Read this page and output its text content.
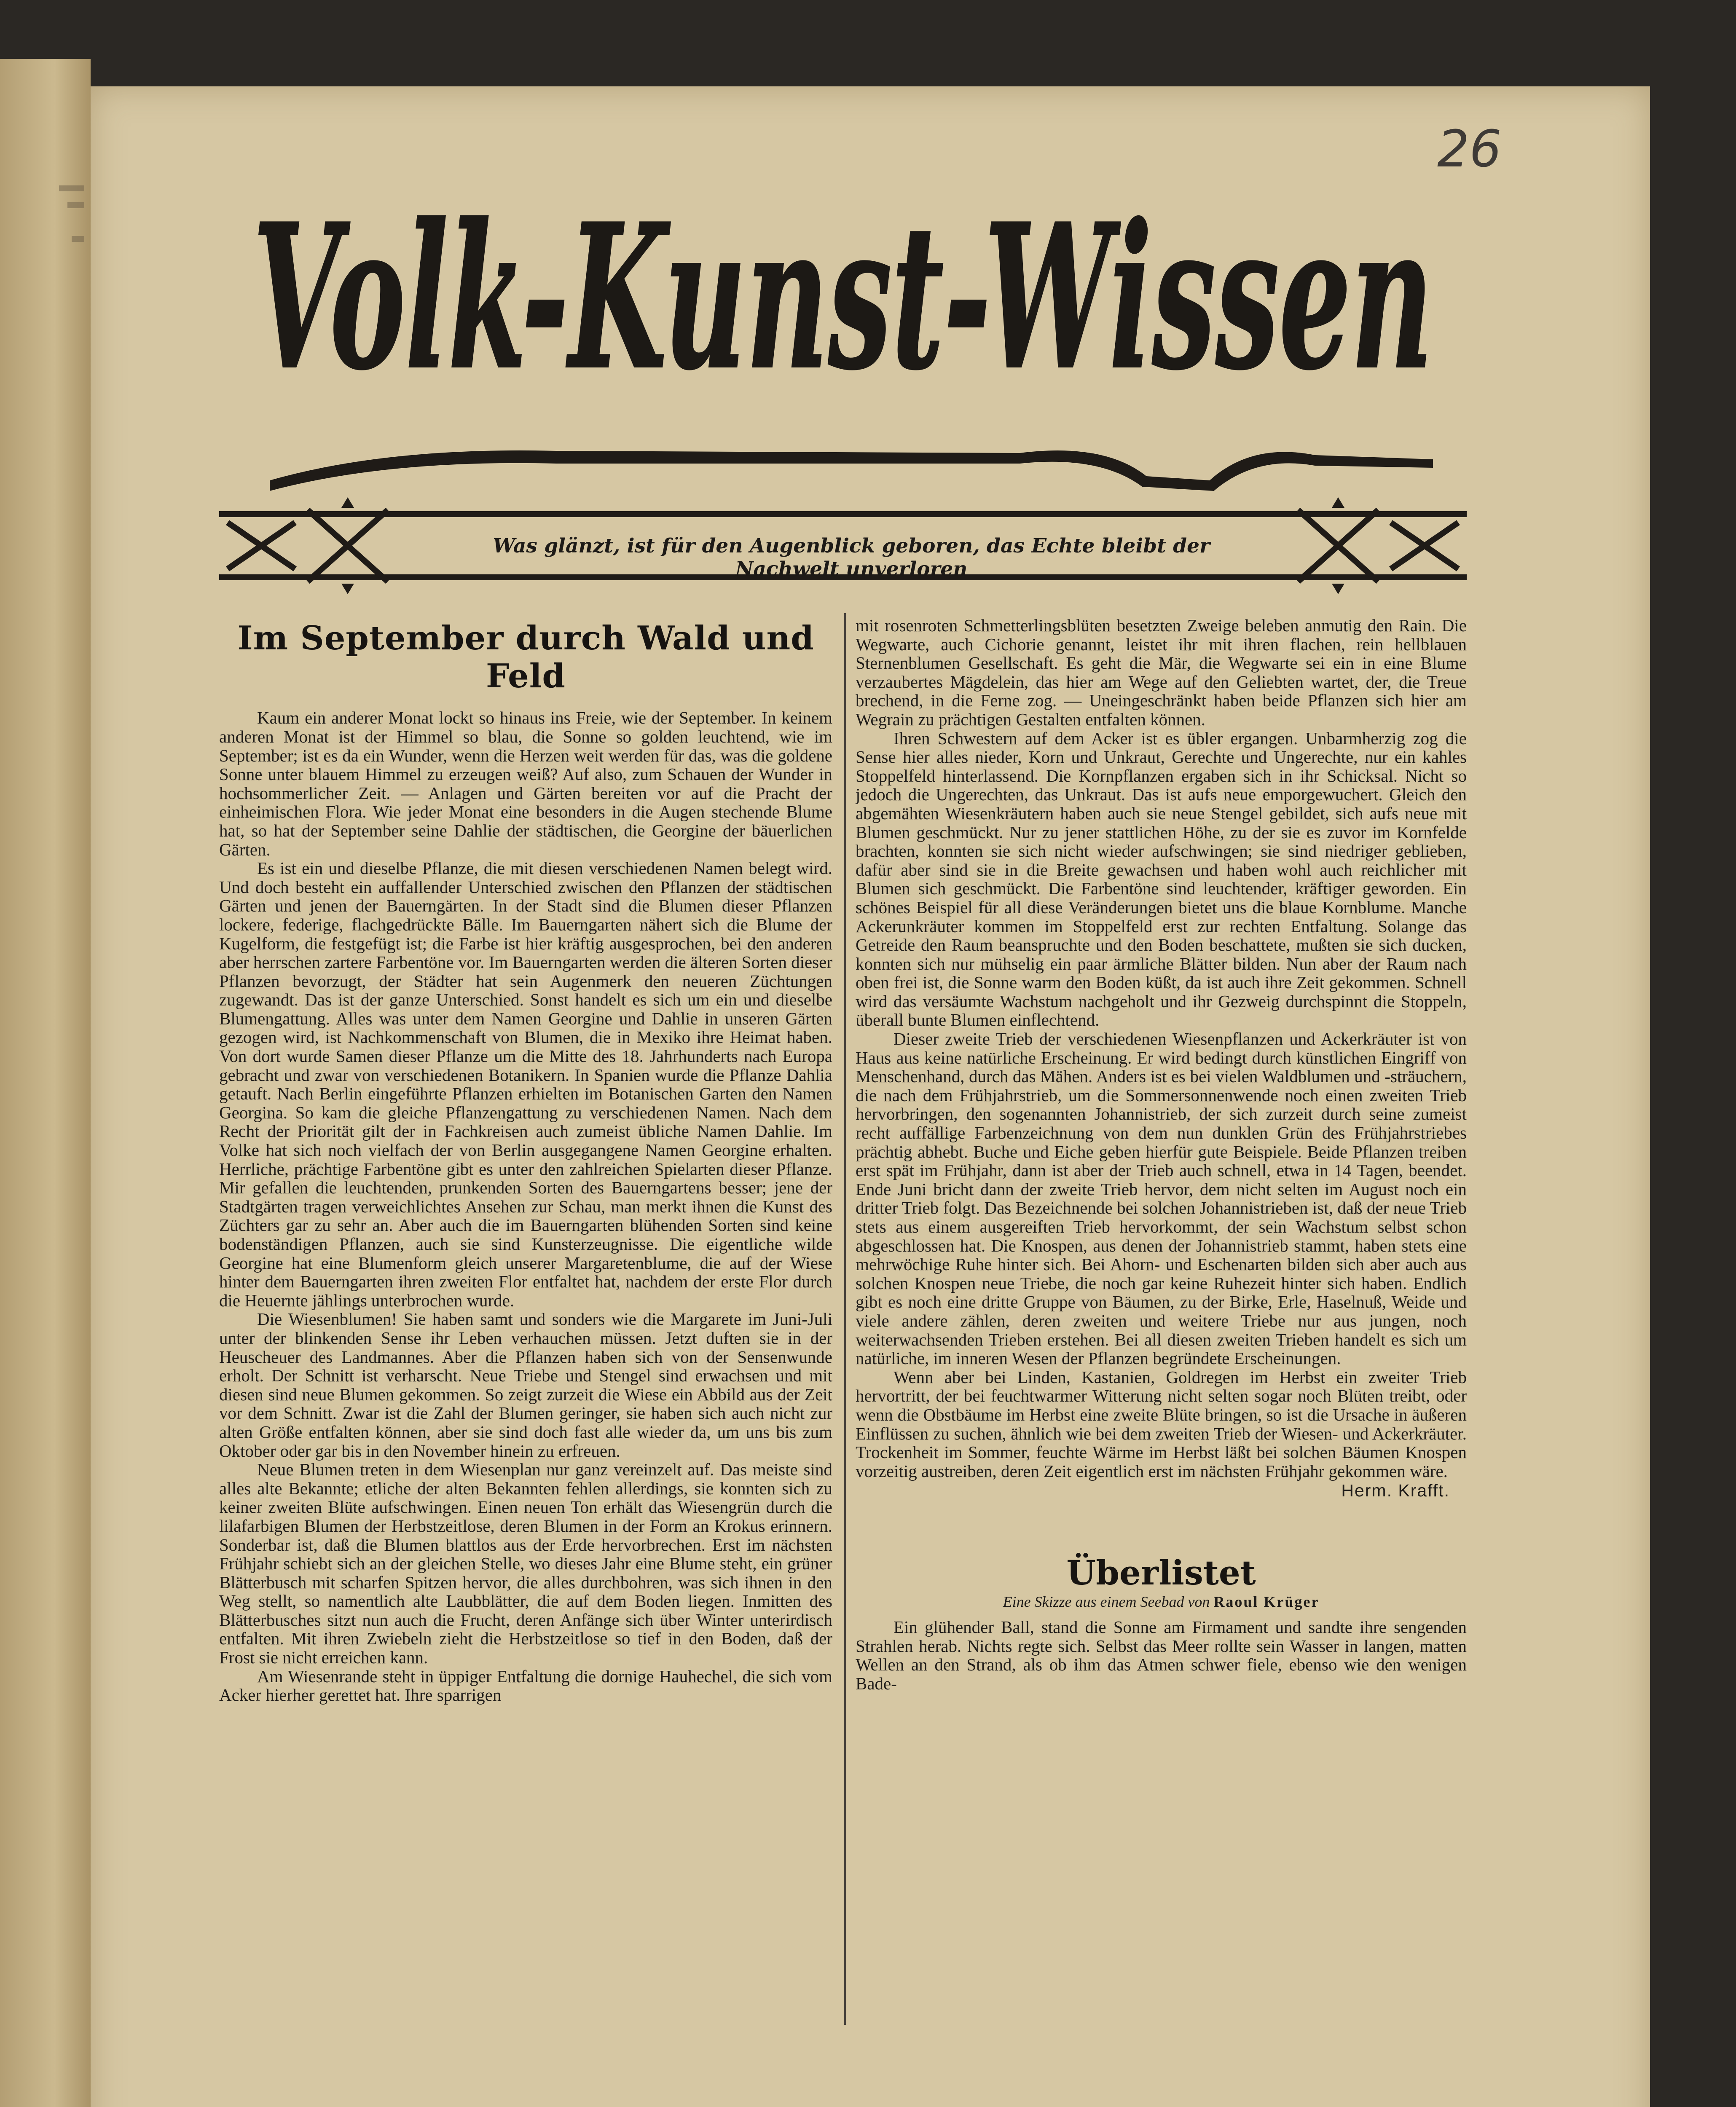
26
Volk-Kunst-Wissen
Was glänzt, ist für den Augenblick geboren, das Echte bleibt der Nachwelt unverloren
Im September durch Wald und Feld

Kaum ein anderer Monat lockt so hinaus ins Freie, wie der September. In keinem anderen Monat ist der Himmel so blau, die Sonne so golden leuchtend, wie im September; ist es da ein Wunder, wenn die Herzen weit werden für das, was die goldene Sonne unter blauem Himmel zu erzeugen weiß? Auf also, zum Schauen der Wunder in hochsommerlicher Zeit. — Anlagen und Gärten bereiten vor auf die Pracht der einheimischen Flora. Wie jeder Monat eine besonders in die Augen stechende Blume hat, so hat der September seine Dahlie der städtischen, die Georgine der bäuerlichen Gärten.

Es ist ein und dieselbe Pflanze, die mit diesen verschiedenen Namen belegt wird. Und doch besteht ein auffallender Unterschied zwischen den Pflanzen der städtischen Gärten und jenen der Bauerngärten. In der Stadt sind die Blumen dieser Pflanzen lockere, federige, flachgedrückte Bälle. Im Bauerngarten nähert sich die Blume der Kugelform, die festgefügt ist; die Farbe ist hier kräftig ausgesprochen, bei den anderen aber herrschen zartere Farbentöne vor. Im Bauerngarten werden die älteren Sorten dieser Pflanzen bevorzugt, der Städter hat sein Augenmerk den neueren Züchtungen zugewandt. Das ist der ganze Unterschied. Sonst handelt es sich um ein und dieselbe Blumengattung. Alles was unter dem Namen Georgine und Dahlie in unseren Gärten gezogen wird, ist Nachkommenschaft von Blumen, die in Mexiko ihre Heimat haben. Von dort wurde Samen dieser Pflanze um die Mitte des 18. Jahrhunderts nach Europa gebracht und zwar von verschiedenen Botanikern. In Spanien wurde die Pflanze Dahlia getauft. Nach Berlin eingeführte Pflanzen erhielten im Botanischen Garten den Namen Georgina. So kam die gleiche Pflanzengattung zu verschiedenen Namen. Nach dem Recht der Priorität gilt der in Fachkreisen auch zumeist übliche Namen Dahlie. Im Volke hat sich noch vielfach der von Berlin ausgegangene Namen Georgine erhalten. Herrliche, prächtige Farbentöne gibt es unter den zahlreichen Spielarten dieser Pflanze. Mir gefallen die leuchtenden, prunkenden Sorten des Bauerngartens besser; jene der Stadtgärten tragen verweichlichtes Ansehen zur Schau, man merkt ihnen die Kunst des Züchters gar zu sehr an. Aber auch die im Bauerngarten blühenden Sorten sind keine bodenständigen Pflanzen, auch sie sind Kunsterzeugnisse. Die eigentliche wilde Georgine hat eine Blumenform gleich unserer Margaretenblume, die auf der Wiese hinter dem Bauerngarten ihren zweiten Flor entfaltet hat, nachdem der erste Flor durch die Heuernte jählings unterbrochen wurde.

Die Wiesenblumen! Sie haben samt und sonders wie die Margarete im Juni-Juli unter der blinkenden Sense ihr Leben verhauchen müssen. Jetzt duften sie in der Heuscheuer des Landmannes. Aber die Pflanzen haben sich von der Sensenwunde erholt. Der Schnitt ist verharscht. Neue Triebe und Stengel sind erwachsen und mit diesen sind neue Blumen gekommen. So zeigt zurzeit die Wiese ein Abbild aus der Zeit vor dem Schnitt. Zwar ist die Zahl der Blumen geringer, sie haben sich auch nicht zur alten Größe entfalten können, aber sie sind doch fast alle wieder da, um uns bis zum Oktober oder gar bis in den November hinein zu erfreuen.

Neue Blumen treten in dem Wiesenplan nur ganz vereinzelt auf. Das meiste sind alles alte Bekannte; etliche der alten Bekannten fehlen allerdings, sie konnten sich zu keiner zweiten Blüte aufschwingen. Einen neuen Ton erhält das Wiesengrün durch die lilafarbigen Blumen der Herbstzeitlose, deren Blumen in der Form an Krokus erinnern. Sonderbar ist, daß die Blumen blattlos aus der Erde hervorbrechen. Erst im nächsten Frühjahr schiebt sich an der gleichen Stelle, wo dieses Jahr eine Blume steht, ein grüner Blätterbusch mit scharfen Spitzen hervor, die alles durchbohren, was sich ihnen in den Weg stellt, so namentlich alte Laubblätter, die auf dem Boden liegen. Inmitten des Blätterbusches sitzt nun auch die Frucht, deren Anfänge sich über Winter unterirdisch entfalten. Mit ihren Zwiebeln zieht die Herbstzeitlose so tief in den Boden, daß der Frost sie nicht erreichen kann.

Am Wiesenrande steht in üppiger Entfaltung die dornige Hauhechel, die sich vom Acker hierher gerettet hat. Ihre sparrigen

mit rosenroten Schmetterlingsblüten besetzten Zweige beleben anmutig den Rain. Die Wegwarte, auch Cichorie genannt, leistet ihr mit ihren flachen, rein hellblauen Sternenblumen Gesellschaft. Es geht die Mär, die Wegwarte sei ein in eine Blume verzaubertes Mägdelein, das hier am Wege auf den Geliebten wartet, der, die Treue brechend, in die Ferne zog. — Uneingeschränkt haben beide Pflanzen sich hier am Wegrain zu prächtigen Gestalten entfalten können.

Ihren Schwestern auf dem Acker ist es übler ergangen. Unbarmherzig zog die Sense hier alles nieder, Korn und Unkraut, Gerechte und Ungerechte, nur ein kahles Stoppelfeld hinterlassend. Die Kornpflanzen ergaben sich in ihr Schicksal. Nicht so jedoch die Ungerechten, das Unkraut. Das ist aufs neue emporgewuchert. Gleich den abgemähten Wiesenkräutern haben auch sie neue Stengel gebildet, sich aufs neue mit Blumen geschmückt. Nur zu jener stattlichen Höhe, zu der sie es zuvor im Kornfelde brachten, konnten sie sich nicht wieder aufschwingen; sie sind niedriger geblieben, dafür aber sind sie in die Breite gewachsen und haben wohl auch reichlicher mit Blumen sich geschmückt. Die Farbentöne sind leuchtender, kräftiger geworden. Ein schönes Beispiel für all diese Veränderungen bietet uns die blaue Kornblume. Manche Ackerunkräuter kommen im Stoppelfeld erst zur rechten Entfaltung. Solange das Getreide den Raum beanspruchte und den Boden beschattete, mußten sie sich ducken, konnten sich nur mühselig ein paar ärmliche Blätter bilden. Nun aber der Raum nach oben frei ist, die Sonne warm den Boden küßt, da ist auch ihre Zeit gekommen. Schnell wird das versäumte Wachstum nachgeholt und ihr Gezweig durchspinnt die Stoppeln, überall bunte Blumen einflechtend.

Dieser zweite Trieb der verschiedenen Wiesenpflanzen und Ackerkräuter ist von Haus aus keine natürliche Erscheinung. Er wird bedingt durch künstlichen Eingriff von Menschenhand, durch das Mähen. Anders ist es bei vielen Waldblumen und -sträuchern, die nach dem Frühjahrstrieb, um die Sommersonnenwende noch einen zweiten Trieb hervorbringen, den sogenannten Johannistrieb, der sich zurzeit durch seine zumeist recht auffällige Farbenzeichnung von dem nun dunklen Grün des Frühjahrstriebes prächtig abhebt. Buche und Eiche geben hierfür gute Beispiele. Beide Pflanzen treiben erst spät im Frühjahr, dann ist aber der Trieb auch schnell, etwa in 14 Tagen, beendet. Ende Juni bricht dann der zweite Trieb hervor, dem nicht selten im August noch ein dritter Trieb folgt. Das Bezeichnende bei solchen Johannistrieben ist, daß der neue Trieb stets aus einem ausgereiften Trieb hervorkommt, der sein Wachstum selbst schon abgeschlossen hat. Die Knospen, aus denen der Johannistrieb stammt, haben stets eine mehrwöchige Ruhe hinter sich. Bei Ahorn- und Eschenarten bilden sich aber auch aus solchen Knospen neue Triebe, die noch gar keine Ruhezeit hinter sich haben. Endlich gibt es noch eine dritte Gruppe von Bäumen, zu der Birke, Erle, Haselnuß, Weide und viele andere zählen, deren zweiten und weitere Triebe nur aus jungen, noch weiterwachsenden Trieben erstehen. Bei all diesen zweiten Trieben handelt es sich um natürliche, im inneren Wesen der Pflanzen begründete Erscheinungen.

Wenn aber bei Linden, Kastanien, Goldregen im Herbst ein zweiter Trieb hervortritt, der bei feuchtwarmer Witterung nicht selten sogar noch Blüten treibt, oder wenn die Obstbäume im Herbst eine zweite Blüte bringen, so ist die Ursache in äußeren Einflüssen zu suchen, ähnlich wie bei dem zweiten Trieb der Wiesen- und Ackerkräuter. Trockenheit im Sommer, feuchte Wärme im Herbst läßt bei solchen Bäumen Knospen vorzeitig austreiben, deren Zeit eigentlich erst im nächsten Frühjahr gekommen wäre.

Herm. Krafft.
Überlistet
Eine Skizze aus einem Seebad von Raoul Krüger

Ein glühender Ball, stand die Sonne am Firmament und sandte ihre sengenden Strahlen herab. Nichts regte sich. Selbst das Meer rollte sein Wasser in langen, matten Wellen an den Strand, als ob ihm das Atmen schwer fiele, ebenso wie den wenigen Bade-
